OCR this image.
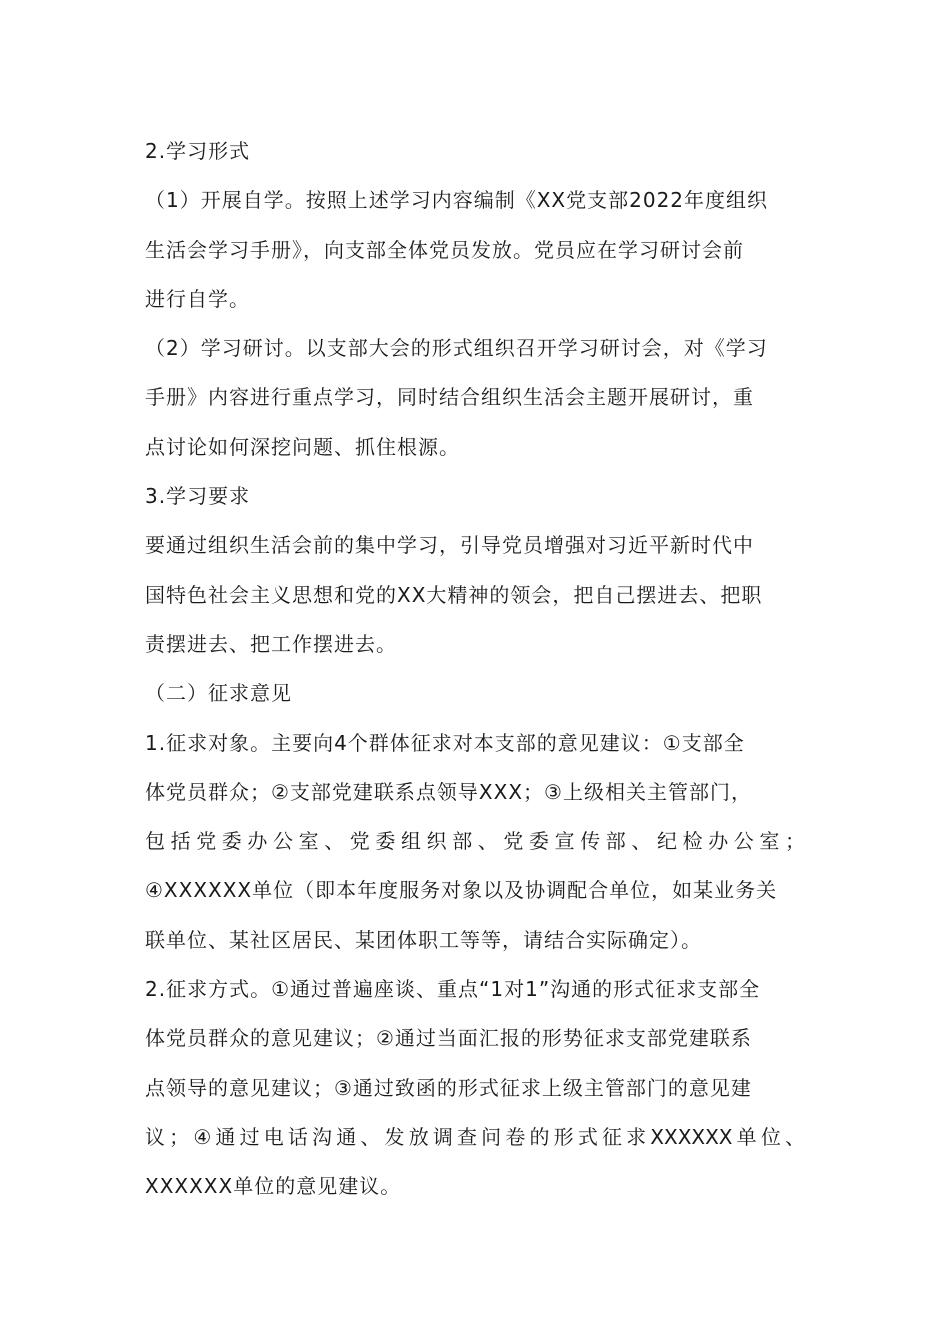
2.学习形式
（1）开展自学。按照上述学习内容编制《XX党支部2022年度组织
生活会学习手册》，向支部全体党员发放。党员应在学习研讨会前
进行自学。
（2）学习研讨。以支部大会的形式组织召开学习研讨会，对《学习
手册》内容进行重点学习，同时结合组织生活会主题开展研讨，重
点讨论如何深挖问题、抓住根源。
3.学习要求
要通过组织生活会前的集中学习，引导党员增强对习近平新时代中
国特色社会主义思想和党的XX大精神的领会，把自己摆进去、把职
责摆进去、把工作摆进去。
（二）征求意见
1.征求对象。主要向4个群体征求对本支部的意见建议：①支部全
体党员群众；②支部党建联系点领导XXX；③上级相关主管部门，
包括党委办公室、党委组织部、党委宣传部、纪检办公室；
④XXXXXX单位（即本年度服务对象以及协调配合单位，如某业务关
联单位、某社区居民、某团体职工等等，请结合实际确定）。
2.征求方式。①通过普遍座谈、重点“1对1”沟通的形式征求支部全
体党员群众的意见建议；②通过当面汇报的形势征求支部党建联系
点领导的意见建议；③通过致函的形式征求上级主管部门的意见建
议；④通过电话沟通、发放调查问卷的形式征求XXXXXX单位、
XXXXXX单位的意见建议。
